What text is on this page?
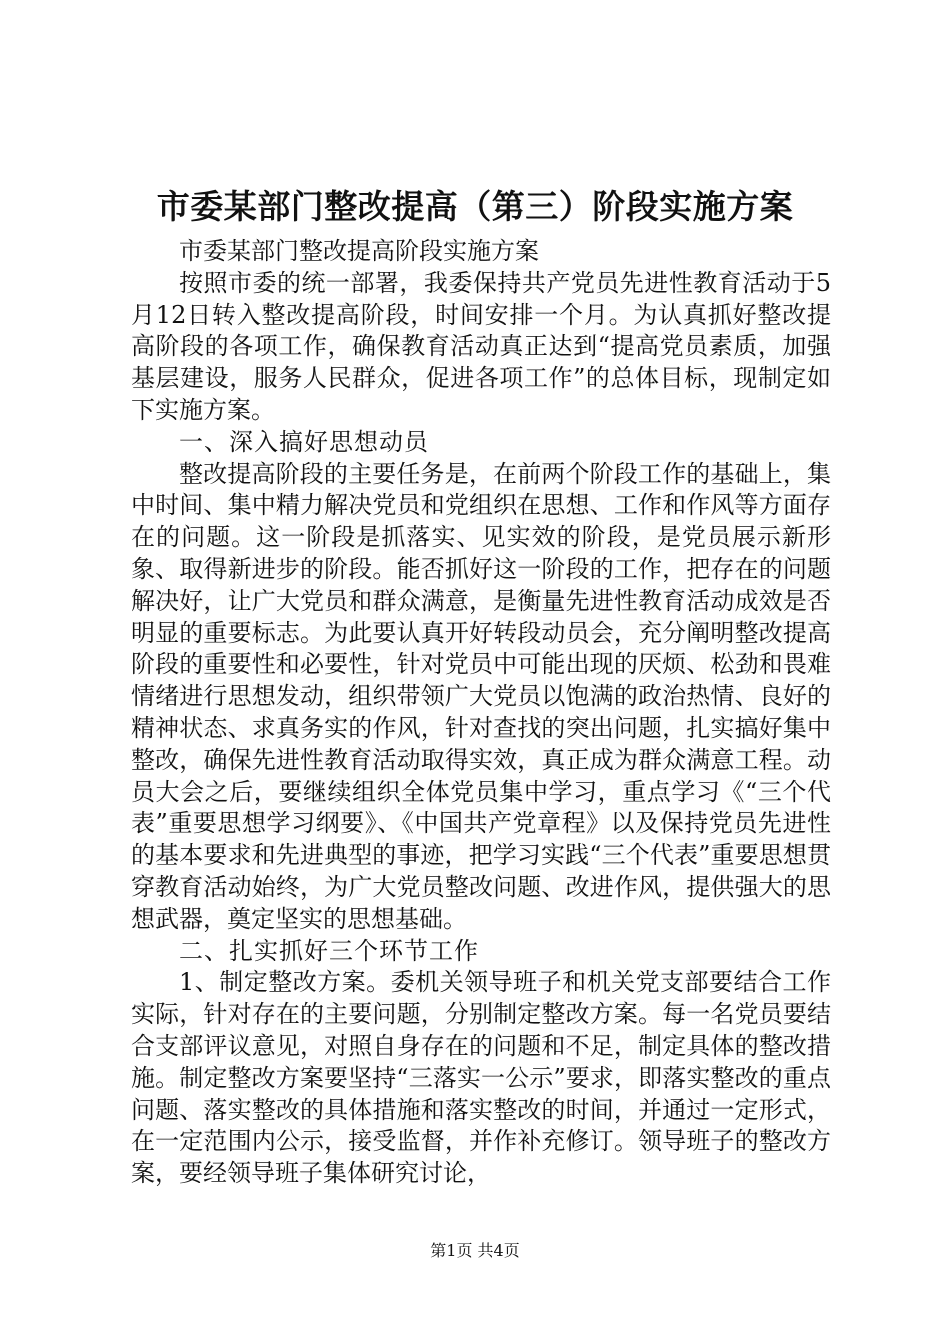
市委某部门整改提高（第三）阶段实施方案

市委某部门整改提高阶段实施方案

按照市委的统一部署，我委保持共产党员先进性教育活动于5月12日转入整改提高阶段，时间安排一个月。为认真抓好整改提高阶段的各项工作，确保教育活动真正达到“提高党员素质，加强基层建设，服务人民群众，促进各项工作”的总体目标，现制定如下实施方案。

一、深入搞好思想动员

整改提高阶段的主要任务是，在前两个阶段工作的基础上，集中时间、集中精力解决党员和党组织在思想、工作和作风等方面存在的问题。这一阶段是抓落实、见实效的阶段，是党员展示新形象、取得新进步的阶段。能否抓好这一阶段的工作，把存在的问题解决好，让广大党员和群众满意，是衡量先进性教育活动成效是否明显的重要标志。为此要认真开好转段动员会，充分阐明整改提高阶段的重要性和必要性，针对党员中可能出现的厌烦、松劲和畏难情绪进行思想发动，组织带领广大党员以饱满的政治热情、良好的精神状态、求真务实的作风，针对查找的突出问题，扎实搞好集中整改，确保先进性教育活动取得实效，真正成为群众满意工程。动员大会之后，要继续组织全体党员集中学习，重点学习《“三个代表”重要思想学习纲要》、《中国共产党章程》以及保持党员先进性的基本要求和先进典型的事迹，把学习实践“三个代表”重要思想贯穿教育活动始终，为广大党员整改问题、改进作风，提供强大的思想武器，奠定坚实的思想基础。

二、扎实抓好三个环节工作

1、制定整改方案。委机关领导班子和机关党支部要结合工作实际，针对存在的主要问题，分别制定整改方案。每一名党员要结合支部评议意见，对照自身存在的问题和不足，制定具体的整改措施。制定整改方案要坚持“三落实一公示”要求，即落实整改的重点问题、落实整改的具体措施和落实整改的时间，并通过一定形式，在一定范围内公示，接受监督，并作补充修订。领导班子的整改方案，要经领导班子集体研究讨论，

第1页 共4页
